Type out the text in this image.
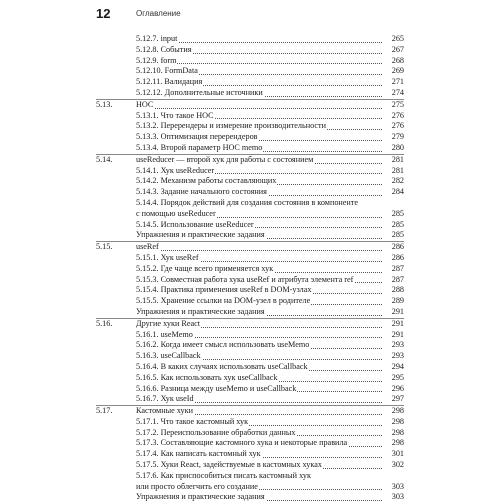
12	Оглавление
5.12.7. input	265
5.12.8. События	267
5.12.9. form	268
5.12.10. FormData	269
5.12.11. Валидация	271
5.12.12. Дополнительные источники	274
5.13.	HOC	275
5.13.1. Что такое HOC	276
5.13.2. Перерендеры и измерение производительности	276
5.13.3. Оптимизация перерендеров	279
5.13.4. Второй параметр HOC memo	280
5.14.	useReducer — второй хук для работы с состоянием	281
5.14.1. Хук useReducer	281
5.14.2. Механизм работы составляющих	282
5.14.3. Задание начального состояния	284
5.14.4. Порядок действий для создания состояния в компоненте
с помощью useReducer	285
5.14.5. Использование useReducer	285
Упражнения и практические задания	285
5.15.	useRef	286
5.15.1. Хук useRef	286
5.15.2. Где чаще всего применяется хук	287
5.15.3. Совместная работа хука useRef и атрибута элемента ref	287
5.15.4. Практика применения useRef в DOM-узлах	288
5.15.5. Хранение ссылки на DOM-узел в родителе	289
Упражнения и практические задания	291
5.16.	Другие хуки React	291
5.16.1. useMemo	291
5.16.2. Когда имеет смысл использовать useMemo	293
5.16.3. useCallback	293
5.16.4. В каких случаях использовать useCallback	294
5.16.5. Как использовать хук useCallback	295
5.16.6. Разница между useMemo и useCallback	296
5.16.7. Хук useId	297
5.17.	Кастомные хуки	298
5.17.1. Что такое кастомный хук	298
5.17.2. Переиспользование обработки данных	298
5.17.3. Составляющие кастомного хука и некоторые правила	298
5.17.4. Как написать кастомный хук	301
5.17.5. Хуки React, задействуемые в кастомных хуках	302
5.17.6. Как приспособиться писать кастомный хук
или просто облегчить его создание	303
Упражнения и практические задания	303
